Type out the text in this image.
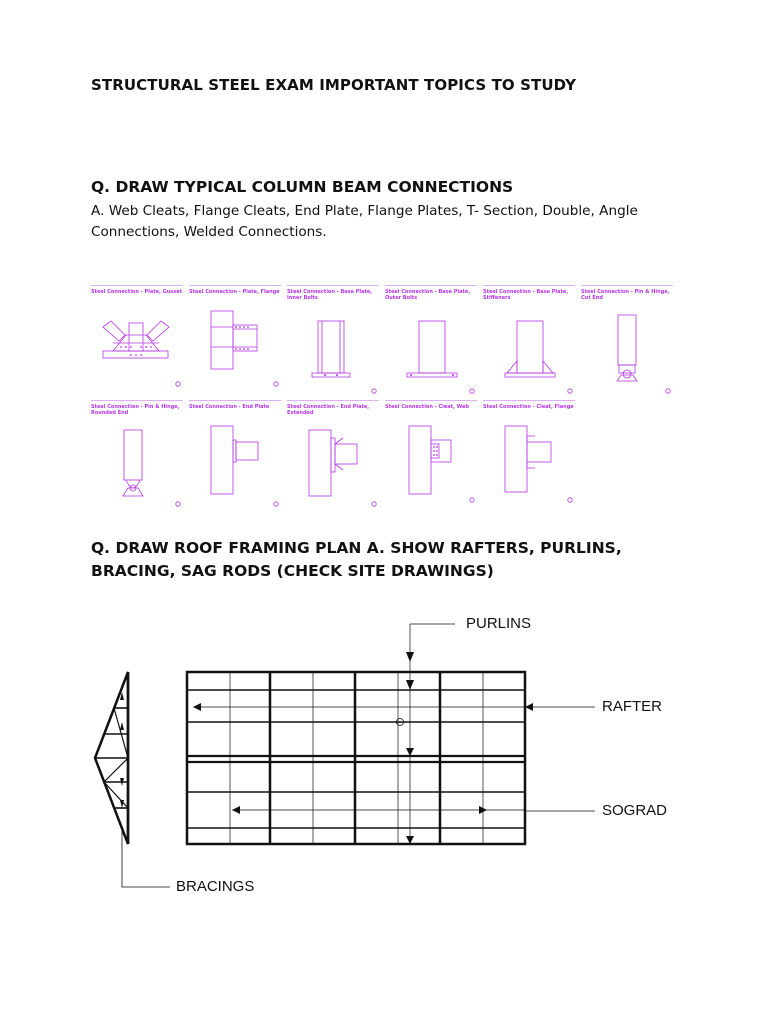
STRUCTURAL STEEL EXAM IMPORTANT TOPICS TO STUDY
Q. DRAW TYPICAL COLUMN BEAM CONNECTIONS
A. Web Cleats, Flange Cleats, End Plate, Flange Plates, T- Section, Double, Angle Connections, Welded Connections.
Steel Connection - Plate, Gusset	Steel Connection - Plate, Flange	Steel Connection - Base Plate, Inner Bolts
Steel Connection - Base Plate, Outer Bolts
Steel Connection - Base Plate, Stiffeners
Steel Connection - Pin & Hinge, Cut End
Steel Connection - Pin & Hinge, Rounded End
Steel Connection - End Plate	Steel Connection - End Plate, Extended
Steel Connection - Cleat, Web	Steel Connection - Cleat, Flange
Q. DRAW ROOF FRAMING PLAN A. SHOW RAFTERS, PURLINS, BRACING, SAG RODS (CHECK SITE DRAWINGS)
PURLINS
RAFTER
SOGRAD
BRACINGS
